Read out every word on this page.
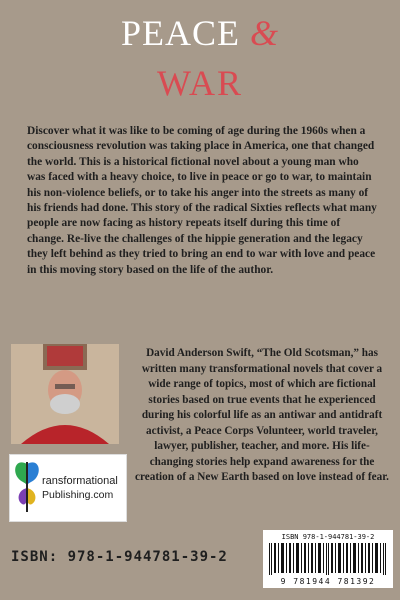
PEACE &
WAR
Discover what it was like to be coming of age during the 1960s when a consciousness revolution was taking place in America, one that changed the world. This is a historical fictional novel about a young man who was faced with a heavy choice, to live in peace or go to war, to maintain his non-violence beliefs, or to take his anger into the streets as many of his friends had done. This story of the radical Sixties reflects what many people are now facing as history repeats itself during this time of change. Re-live the challenges of the hippie generation and the legacy they left behind as they tried to bring an end to war with love and peace in this moving story based on the life of the author.
ransformational
Publishing.com
David Anderson Swift, “The Old Scotsman,” has written many transformational novels that cover a wide range of topics, most of which are fictional stories based on true events that he experienced during his colorful life as an antiwar and antidraft activist, a Peace Corps Volunteer, world traveler, lawyer, publisher, teacher, and more. His life-changing stories help expand awareness for the creation of a New Earth based on love instead of fear.
ISBN: 978-1-944781-39-2
ISBN 978-1-944781-39-2
9 781944 781392
